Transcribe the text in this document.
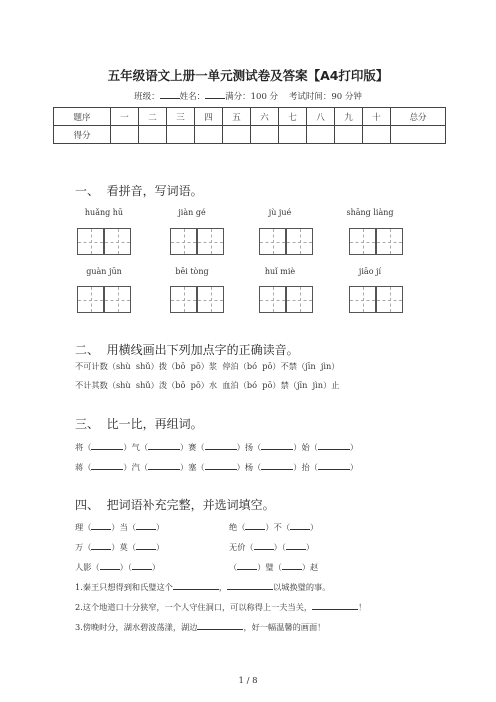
五年级语文上册一单元测试卷及答案【A4打印版】
班级： 姓名： 满分：100 分 考试时间：90 分钟
题序	一	二	三	四	五	六	七	八	九	十	总分
得分											
一、  看拼音，写词语。
huǎng hū	jiàn gé	jù jué	shāng liàng
guàn jūn	bēi tòng	huǐ miè	jiāo jí
二、  用横线画出下列加点字的正确读音。
不可计数（shù  shǔ）拨（bō  pō）浆  停泊（bó  pō）不禁（jīn  jìn）
不计其数（shù  shǔ）泼（bō  pō）水  血泊（bó  pō）禁（jīn  jìn）止
三、  比一比，再组词。
将（	）气（	）赛（	）扬（	）始（	）
蒋（	）汽（	）塞（	）杨（	）抬（	）
四、  把词语补充完整，并选词填空。
理（ ）当（ ）	绝（ ）不（ ）
万（ ）莫（ ）	无价（ ）（ ）
人影（ ）（ ）	（ ）璧（ ）赵
1.秦王只想得到和氏璧这个	，	以城换璧的事。
2.这个地道口十分狭窄，一个人守住洞口，可以称得上一夫当关，	！
3.傍晚时分，湖水碧波荡漾，湖边	，好一幅温馨的画面！
1 / 8
